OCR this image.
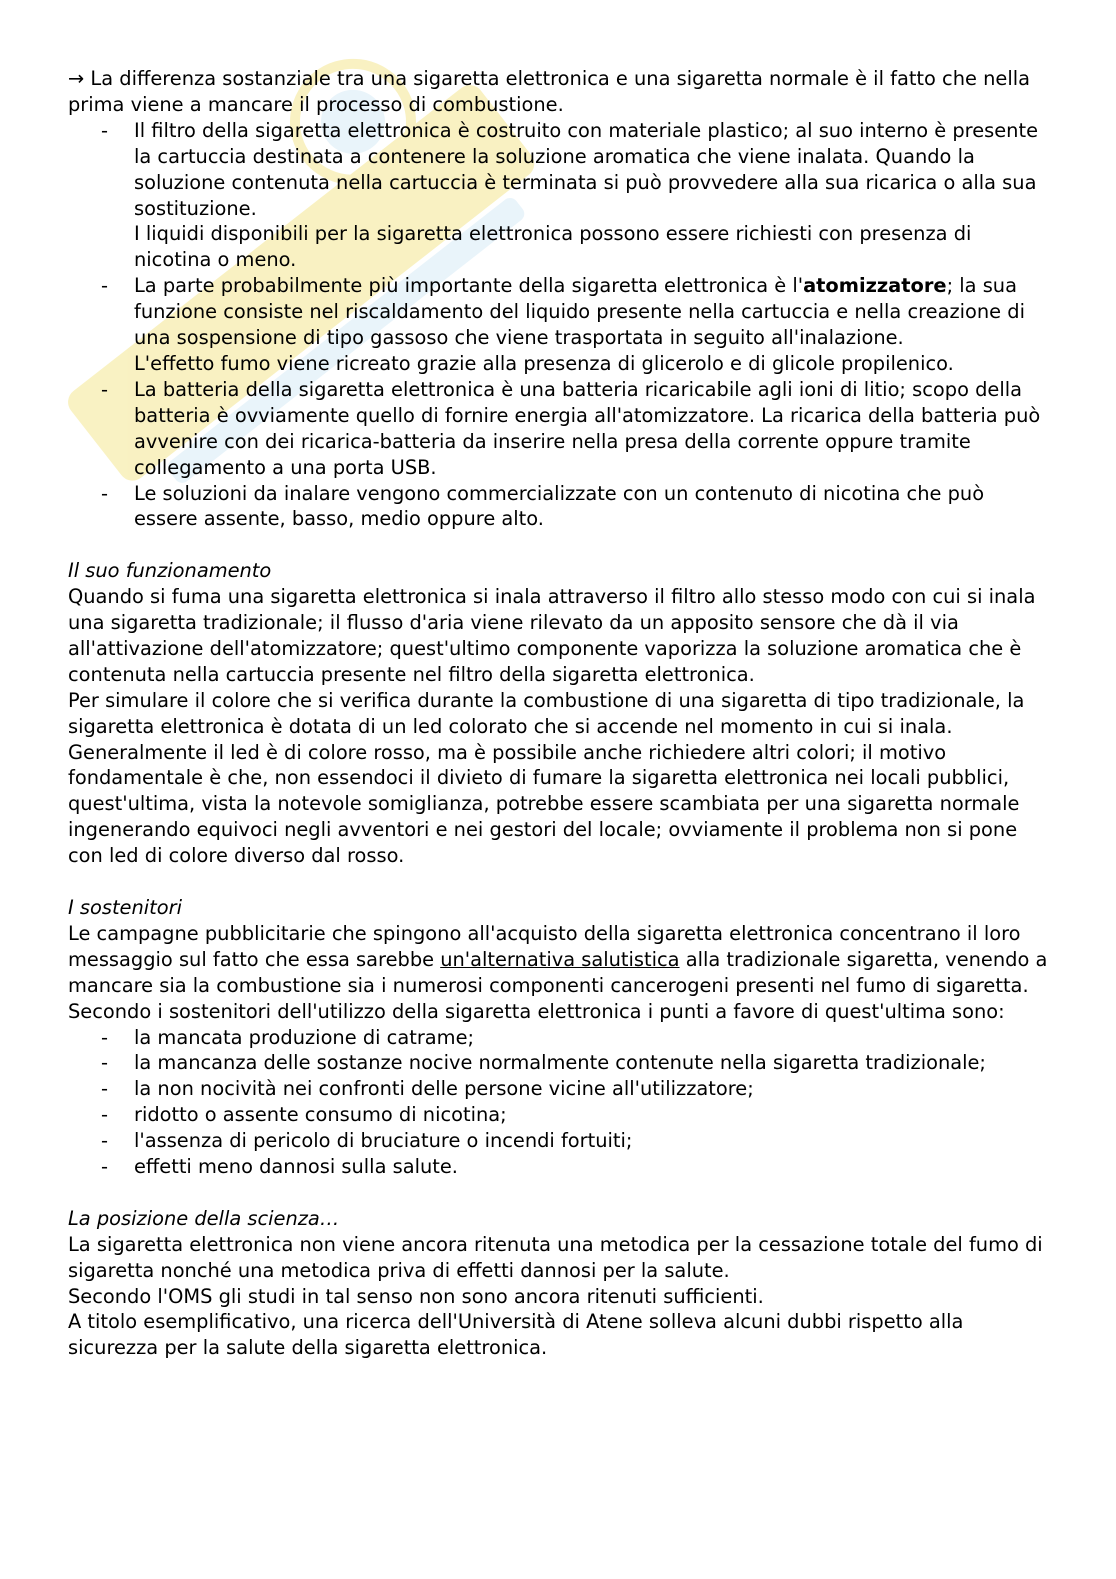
→ La differenza sostanziale tra una sigaretta elettronica e una sigaretta normale è il fatto che nella prima viene a mancare il processo di combustione.

- Il filtro della sigaretta elettronica è costruito con materiale plastico; al suo interno è presente la cartuccia destinata a contenere la soluzione aromatica che viene inalata. Quando la soluzione contenuta nella cartuccia è terminata si può provvedere alla sua ricarica o alla sua sostituzione.

I liquidi disponibili per la sigaretta elettronica possono essere richiesti con presenza di nicotina o meno.

- La parte probabilmente più importante della sigaretta elettronica è l'atomizzatore; la sua funzione consiste nel riscaldamento del liquido presente nella cartuccia e nella creazione di una sospensione di tipo gassoso che viene trasportata in seguito all'inalazione.

L'effetto fumo viene ricreato grazie alla presenza di glicerolo e di glicole propilenico.

- La batteria della sigaretta elettronica è una batteria ricaricabile agli ioni di litio; scopo della batteria è ovviamente quello di fornire energia all'atomizzatore. La ricarica della batteria può avvenire con dei ricarica-batteria da inserire nella presa della corrente oppure tramite collegamento a una porta USB.

- Le soluzioni da inalare vengono commercializzate con un contenuto di nicotina che può essere assente, basso, medio oppure alto.

Il suo funzionamento

Quando si fuma una sigaretta elettronica si inala attraverso il filtro allo stesso modo con cui si inala una sigaretta tradizionale; il flusso d'aria viene rilevato da un apposito sensore che dà il via all'attivazione dell'atomizzatore; quest'ultimo componente vaporizza la soluzione aromatica che è contenuta nella cartuccia presente nel filtro della sigaretta elettronica.

Per simulare il colore che si verifica durante la combustione di una sigaretta di tipo tradizionale, la sigaretta elettronica è dotata di un led colorato che si accende nel momento in cui si inala.

Generalmente il led è di colore rosso, ma è possibile anche richiedere altri colori; il motivo fondamentale è che, non essendoci il divieto di fumare la sigaretta elettronica nei locali pubblici, quest'ultima, vista la notevole somiglianza, potrebbe essere scambiata per una sigaretta normale ingenerando equivoci negli avventori e nei gestori del locale; ovviamente il problema non si pone con led di colore diverso dal rosso.

I sostenitori

Le campagne pubblicitarie che spingono all'acquisto della sigaretta elettronica concentrano il loro messaggio sul fatto che essa sarebbe un'alternativa salutistica alla tradizionale sigaretta, venendo a mancare sia la combustione sia i numerosi componenti cancerogeni presenti nel fumo di sigaretta.

Secondo i sostenitori dell'utilizzo della sigaretta elettronica i punti a favore di quest'ultima sono:

- la mancata produzione di catrame;
- la mancanza delle sostanze nocive normalmente contenute nella sigaretta tradizionale;
- la non nocività nei confronti delle persone vicine all'utilizzatore;
- ridotto o assente consumo di nicotina;
- l'assenza di pericolo di bruciature o incendi fortuiti;
- effetti meno dannosi sulla salute.

La posizione della scienza…

La sigaretta elettronica non viene ancora ritenuta una metodica per la cessazione totale del fumo di sigaretta nonché una metodica priva di effetti dannosi per la salute.

Secondo l'OMS gli studi in tal senso non sono ancora ritenuti sufficienti.

A titolo esemplificativo, una ricerca dell'Università di Atene solleva alcuni dubbi rispetto alla sicurezza per la salute della sigaretta elettronica.
